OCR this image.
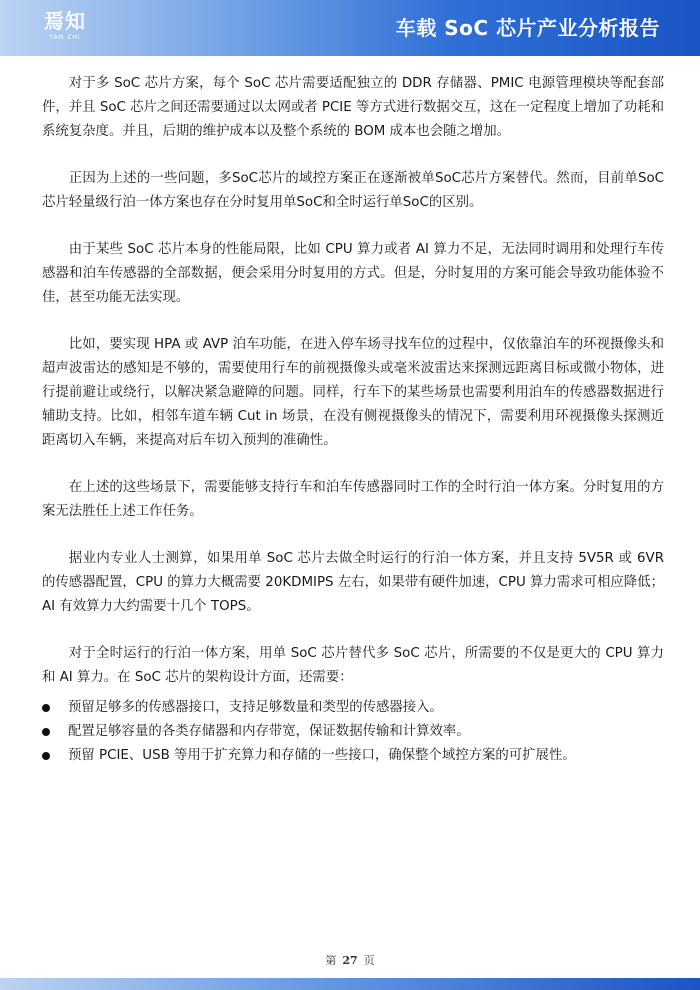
焉知
YAN ZHI	车载 SoC 芯片产业分析报告

对于多 SoC 芯片方案，每个 SoC 芯片需要适配独立的 DDR 存储器、PMIC 电源管理模块等配套部件，并且 SoC 芯片之间还需要通过以太网或者 PCIE 等方式进行数据交互，这在一定程度上增加了功耗和系统复杂度。并且，后期的维护成本以及整个系统的 BOM 成本也会随之增加。

正因为上述的一些问题，多SoC芯片的域控方案正在逐渐被单SoC芯片方案替代。然而，目前单SoC芯片轻量级行泊一体方案也存在分时复用单SoC和全时运行单SoC的区别。

由于某些 SoC 芯片本身的性能局限，比如 CPU 算力或者 AI 算力不足，无法同时调用和处理行车传感器和泊车传感器的全部数据，便会采用分时复用的方式。但是，分时复用的方案可能会导致功能体验不佳，甚至功能无法实现。

比如，要实现 HPA 或 AVP 泊车功能，在进入停车场寻找车位的过程中，仅依靠泊车的环视摄像头和超声波雷达的感知是不够的，需要使用行车的前视摄像头或毫米波雷达来探测远距离目标或微小物体，进行提前避让或绕行，以解决紧急避障的问题。同样，行车下的某些场景也需要利用泊车的传感器数据进行辅助支持。比如，相邻车道车辆 Cut in 场景，在没有侧视摄像头的情况下，需要利用环视摄像头探测近距离切入车辆，来提高对后车切入预判的准确性。

在上述的这些场景下，需要能够支持行车和泊车传感器同时工作的全时行泊一体方案。分时复用的方案无法胜任上述工作任务。

据业内专业人士测算，如果用单 SoC 芯片去做全时运行的行泊一体方案，并且支持 5V5R 或 6VR 的传感器配置，CPU 的算力大概需要 20KDMIPS 左右，如果带有硬件加速，CPU 算力需求可相应降低；AI 有效算力大约需要十几个 TOPS。

对于全时运行的行泊一体方案，用单 SoC 芯片替代多 SoC 芯片，所需要的不仅是更大的 CPU 算力和 AI 算力。在 SoC 芯片的架构设计方面，还需要：

预留足够多的传感器接口，支持足够数量和类型的传感器接入。
配置足够容量的各类存储器和内存带宽，保证数据传输和计算效率。
预留 PCIE、USB 等用于扩充算力和存储的一些接口，确保整个域控方案的可扩展性。
第 27 页
